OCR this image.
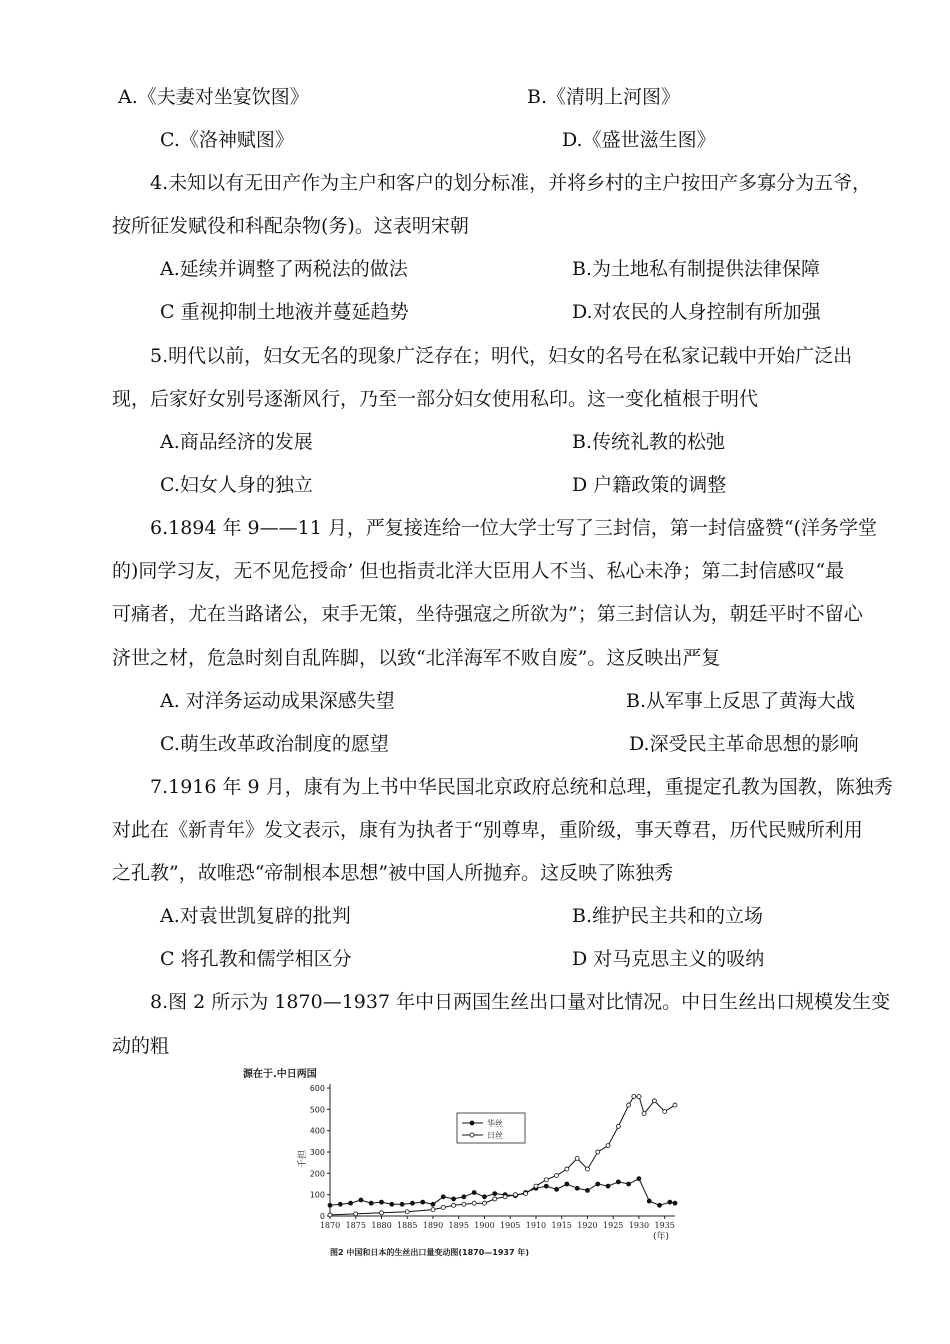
A.《夫妻对坐宴饮图》	B.《清明上河图》
C.《洛神赋图》	D.《盛世滋生图》
4.未知以有无田产作为主户和客户的划分标准，并将乡村的主户按田产多寡分为五爷，
按所征发赋役和科配杂物(务)。这表明宋朝
A.延续并调整了两税法的做法	B.为土地私有制提供法律保障
C 重视抑制土地液并蔓延趋势	D.对农民的人身控制有所加强
5.明代以前，妇女无名的现象广泛存在；明代，妇女的名号在私家记载中开始广泛出
现，后家好女别号逐渐风行，乃至一部分妇女使用私印。这一变化植根于明代
A.商品经济的发展	B.传统礼教的松弛
C.妇女人身的独立	D 户籍政策的调整
6.1894 年 9——11 月，严复接连给一位大学士写了三封信，第一封信盛赞“(洋务学堂
的)同学习友，无不见危授命’ 但也指责北洋大臣用人不当、私心未净；第二封信感叹“最
可痛者，尤在当路诸公，束手无策，坐待强寇之所欲为”；第三封信认为，朝廷平时不留心
济世之材，危急时刻自乱阵脚，以致“北洋海军不败自废”。这反映出严复
A. 对洋务运动成果深感失望	B.从军事上反思了黄海大战
C.萌生改革政治制度的愿望	D.深受民主革命思想的影响
7.1916 年 9 月，康有为上书中华民国北京政府总统和总理，重提定孔教为国教，陈独秀
对此在《新青年》发文表示，康有为执者于“别尊卑，重阶级，事天尊君，历代民贼所利用
之孔教”，故唯恐“帝制根本思想”被中国人所抛弃。这反映了陈独秀
A.对袁世凯复辟的批判	B.维护民主共和的立场
C 将孔教和儒学相区分	D 对马克思主义的吸纳
8.图 2 所示为 1870—1937 年中日两国生丝出口量对比情况。中日生丝出口规模发生变
动的粗
源在于.中日两国
千担
(年)
图2 中国和日本的生丝出口量变动图(1870—1937 年)
0
100
200
300
400
500
600
1870 1875 1880 1885 1890 1895 1900 1905 1910 1915 1920 1925 1930 1935
华丝
日丝
